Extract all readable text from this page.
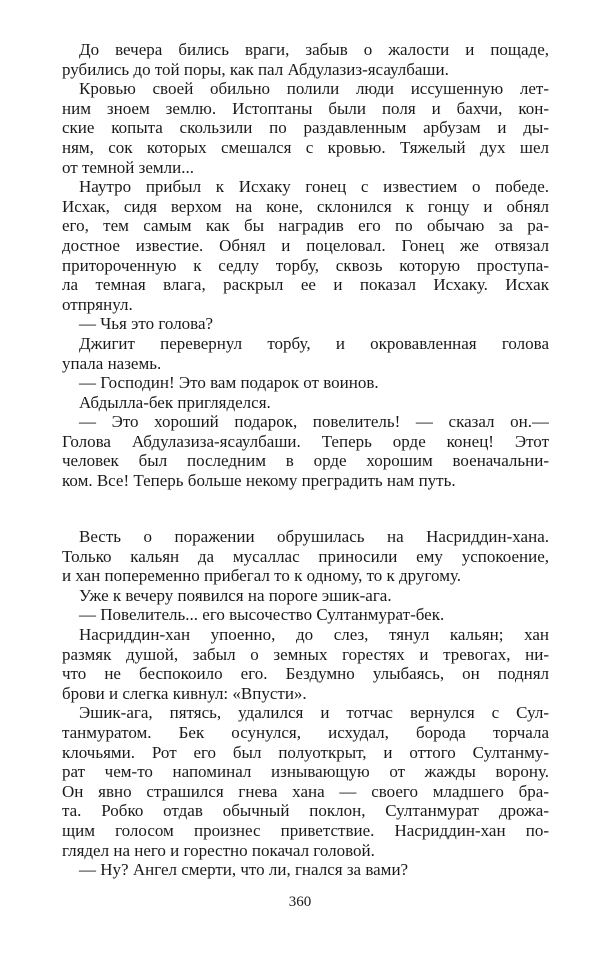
До вечера бились враги, забыв о жалости и пощаде,
рубились до той поры, как пал Абдулазиз-ясаулбаши.
Кровью своей обильно полили люди иссушенную лет-
ним зноем землю. Истоптаны были поля и бахчи, кон-
ские копыта скользили по раздавленным арбузам и ды-
ням, сок которых смешался с кровью. Тяжелый дух шел
от темной земли...
Наутро прибыл к Исхаку гонец с известием о победе.
Исхак, сидя верхом на коне, склонился к гонцу и обнял
его, тем самым как бы наградив его по обычаю за ра-
достное известие. Обнял и поцеловал. Гонец же отвязал
притороченную к седлу торбу, сквозь которую проступа-
ла темная влага, раскрыл ее и показал Исхаку. Исхак
отпрянул.
— Чья это голова?
Джигит перевернул торбу, и окровавленная голова
упала наземь.
— Господин! Это вам подарок от воинов.
Абдылла-бек пригляделся.
— Это хороший подарок, повелитель! — сказал он.—
Голова Абдулазиза-ясаулбаши. Теперь орде конец! Этот
человек был последним в орде хорошим военачальни-
ком. Все! Теперь больше некому преградить нам путь.
Весть о поражении обрушилась на Насриддин-хана.
Только кальян да мусаллас приносили ему успокоение,
и хан попеременно прибегал то к одному, то к другому.
Уже к вечеру появился на пороге эшик-ага.
— Повелитель... его высочество Султанмурат-бек.
Насриддин-хан упоенно, до слез, тянул кальян; хан
размяк душой, забыл о земных горестях и тревогах, ни-
что не беспокоило его. Бездумно улыбаясь, он поднял
брови и слегка кивнул: «Впусти».
Эшик-ага, пятясь, удалился и тотчас вернулся с Сул-
танмуратом. Бек осунулся, исхудал, борода торчала
клочьями. Рот его был полуоткрыт, и оттого Султанму-
рат чем-то напоминал изнывающую от жажды ворону.
Он явно страшился гнева хана — своего младшего бра-
та. Робко отдав обычный поклон, Султанмурат дрожа-
щим голосом произнес приветствие. Насриддин-хан по-
глядел на него и горестно покачал головой.
— Ну? Ангел смерти, что ли, гнался за вами?
360
